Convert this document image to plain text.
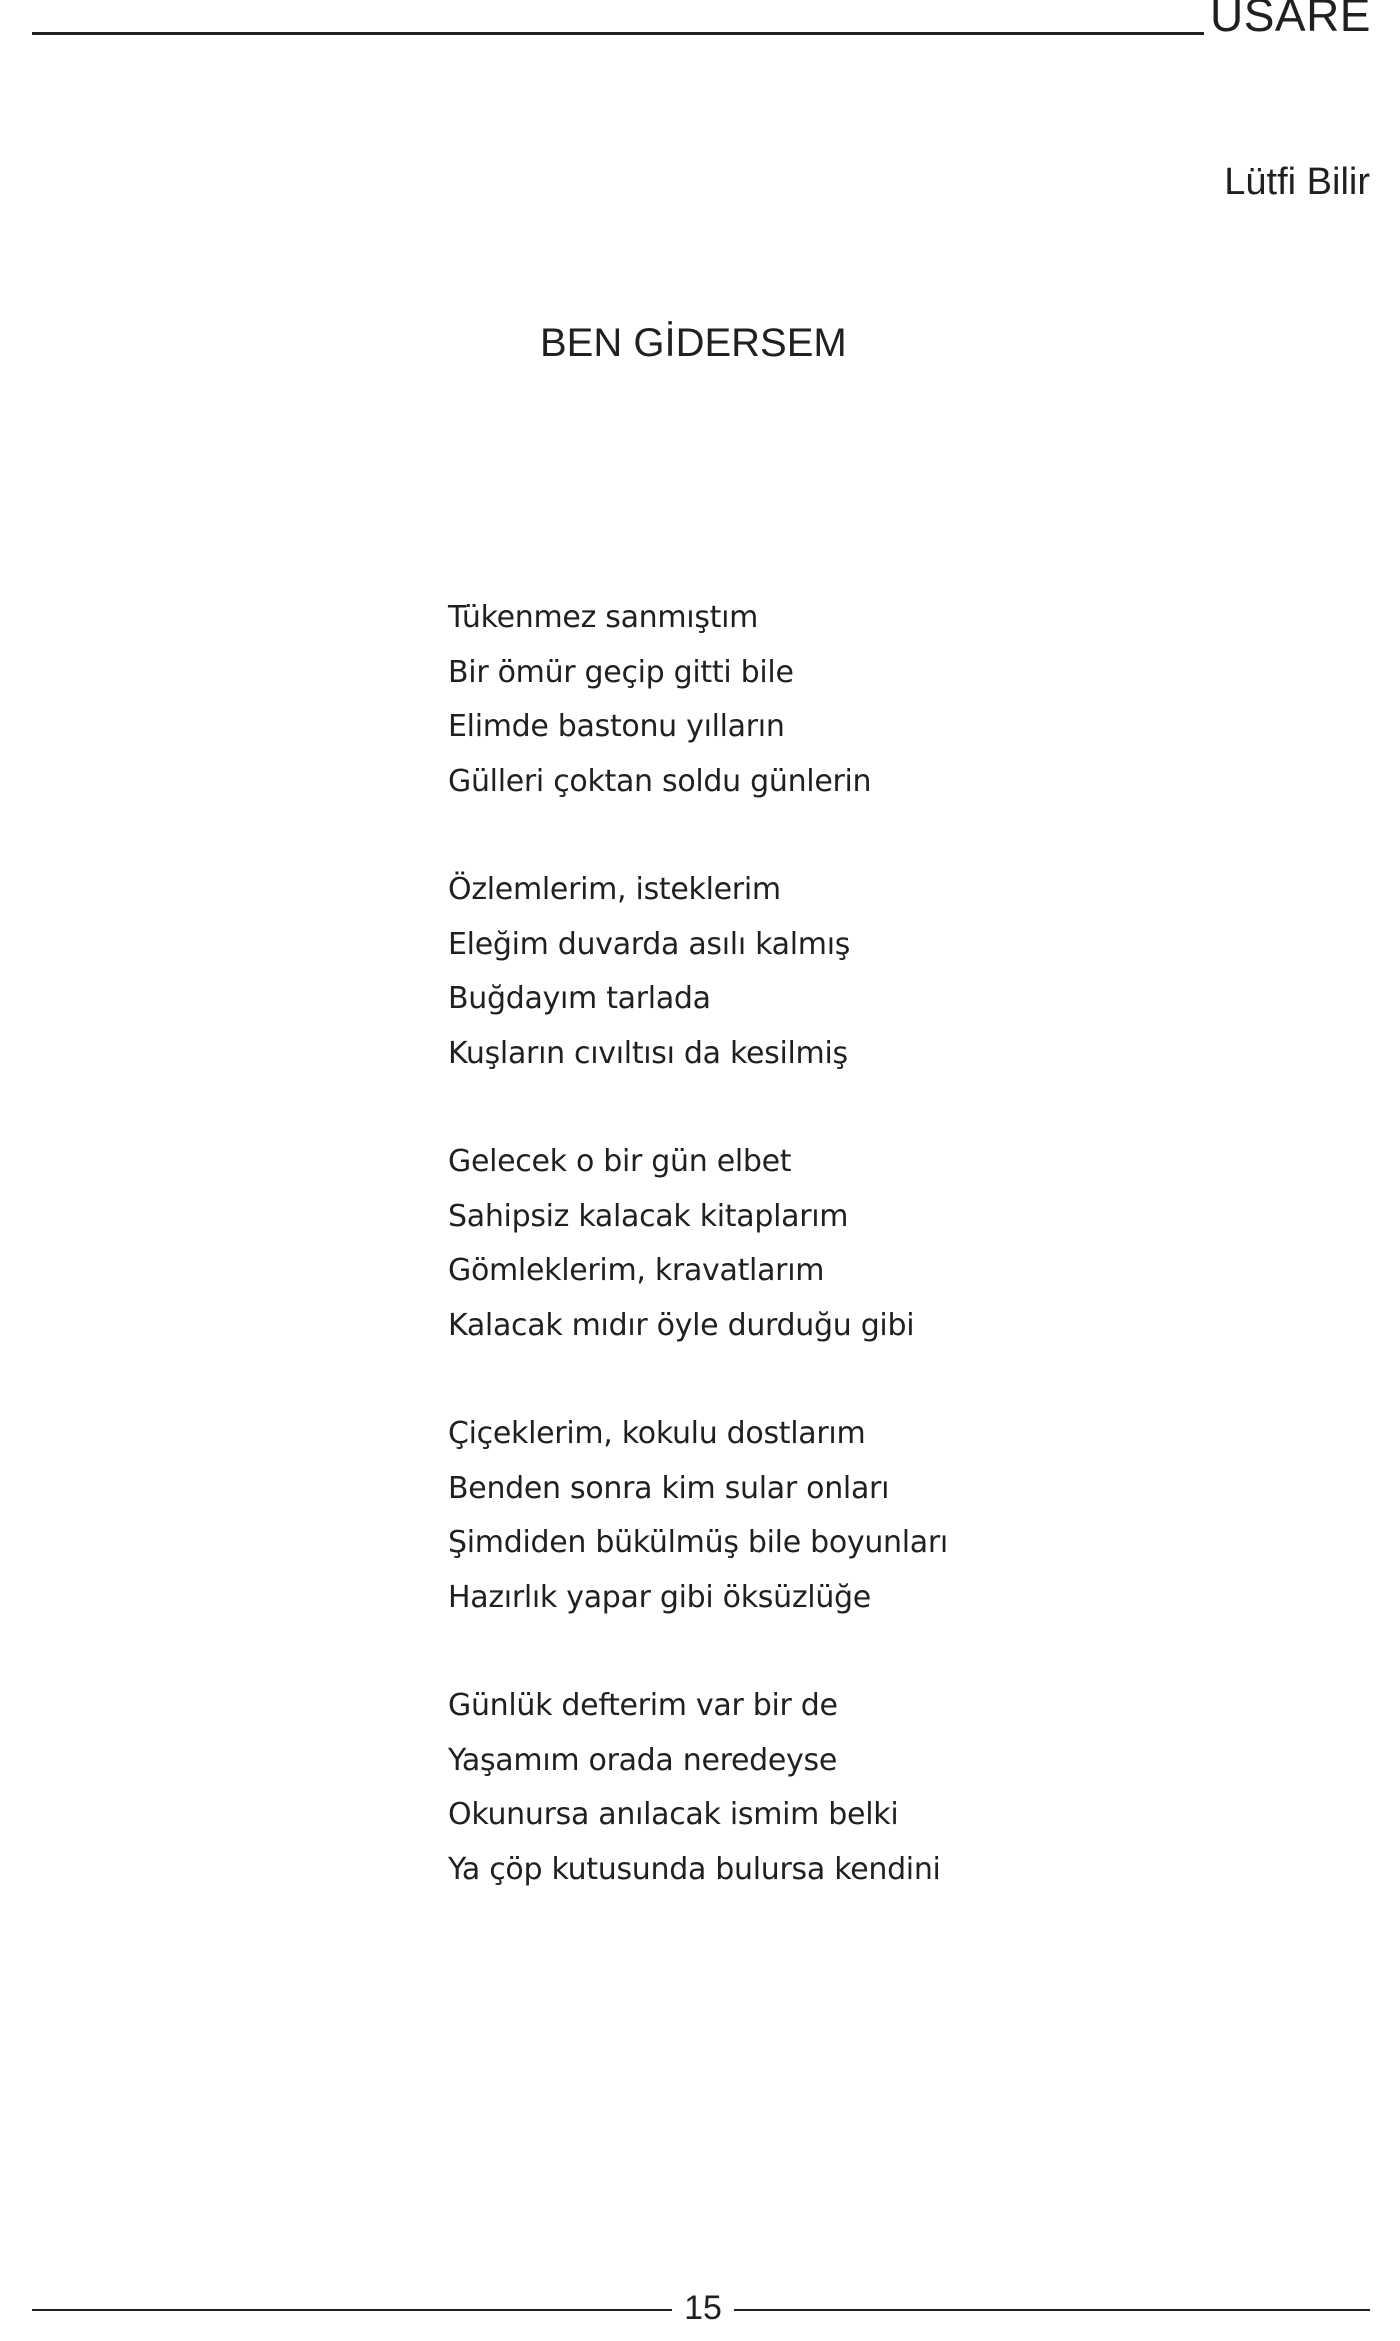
USARE
Lütfi Bilir
BEN GİDERSEM
Tükenmez sanmıştım
Bir ömür geçip gitti bile
Elimde bastonu yılların
Gülleri çoktan soldu günlerin
Özlemlerim, isteklerim
Eleğim duvarda asılı kalmış
Buğdayım tarlada
Kuşların cıvıltısı da kesilmiş
Gelecek o bir gün elbet
Sahipsiz kalacak kitaplarım
Gömleklerim, kravatlarım
Kalacak mıdır öyle durduğu gibi
Çiçeklerim, kokulu dostlarım
Benden sonra kim sular onları
Şimdiden bükülmüş bile boyunları
Hazırlık yapar gibi öksüzlüğe
Günlük defterim var bir de
Yaşamım orada neredeyse
Okunursa anılacak ismim belki
Ya çöp kutusunda bulursa kendini
15
